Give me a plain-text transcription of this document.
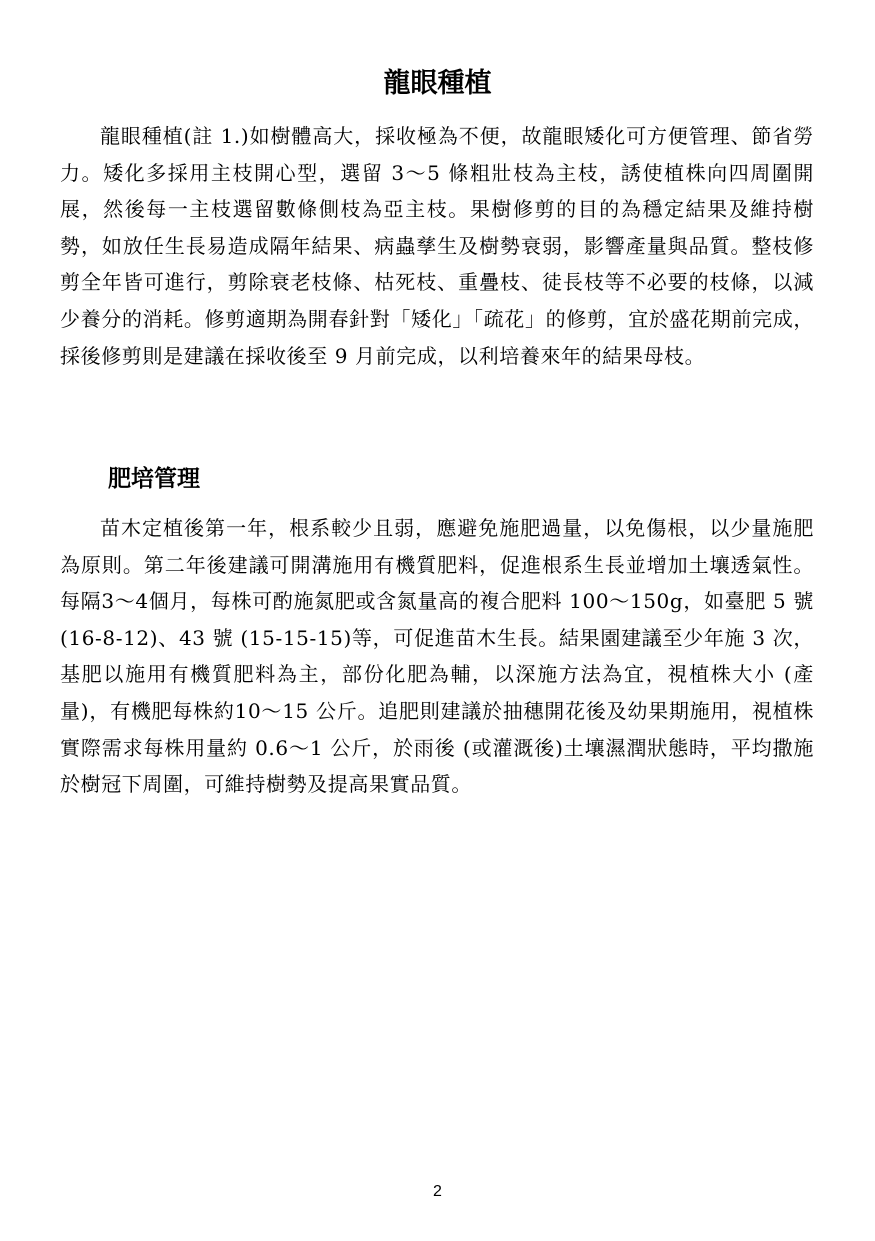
龍眼種植

龍眼種植(註 1.)如樹體高大，採收極為不便，故龍眼矮化可方便管理、節省勞力。矮化多採用主枝開心型，選留 3～5 條粗壯枝為主枝，誘使植株向四周圍開展，然後每一主枝選留數條側枝為亞主枝。果樹修剪的目的為穩定結果及維持樹勢，如放任生長易造成隔年結果、病蟲孳生及樹勢衰弱，影響產量與品質。整枝修剪全年皆可進行，剪除衰老枝條、枯死枝、重疊枝、徒長枝等不必要的枝條，以減少養分的消耗。修剪適期為開春針對「矮化」「疏花」的修剪，宜於盛花期前完成，採後修剪則是建議在採收後至 9 月前完成，以利培養來年的結果母枝。

肥培管理

苗木定植後第一年，根系較少且弱，應避免施肥過量，以免傷根，以少量施肥為原則。第二年後建議可開溝施用有機質肥料，促進根系生長並增加土壤透氣性。每隔3～4個月，每株可酌施氮肥或含氮量高的複合肥料 100～150g，如臺肥 5 號 (16-8-12)、43 號 (15-15-15)等，可促進苗木生長。結果園建議至少年施 3 次，基肥以施用有機質肥料為主，部份化肥為輔，以深施方法為宜，視植株大小 (產量)，有機肥每株約10～15 公斤。追肥則建議於抽穗開花後及幼果期施用，視植株實際需求每株用量約 0.6～1 公斤，於雨後 (或灌溉後)土壤濕潤狀態時，平均撒施於樹冠下周圍，可維持樹勢及提高果實品質。

2
